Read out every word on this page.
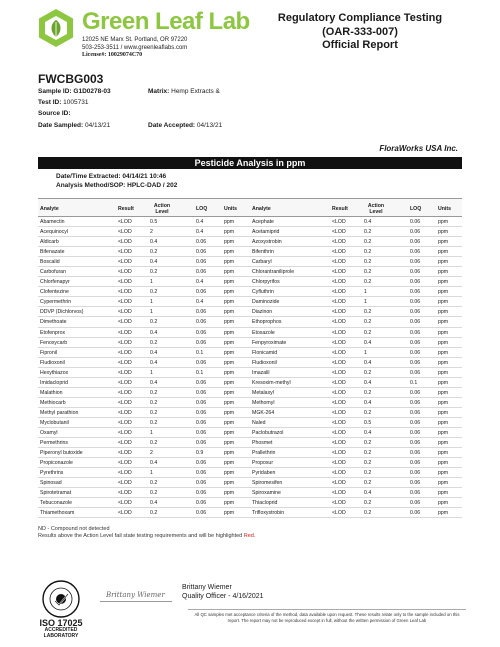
Green Leaf Lab
12025 NE Marx St. Portland, OR 97220
503-253-3511 / www.greenleaflabs.com
License#: 10029074C70
Regulatory Compliance Testing
(OAR-333-007)
Official Report
FWCBG003
Sample ID: G1D0278-03	Matrix: Hemp Extracts &
Test ID: 1005731
Source ID:
Date Sampled: 04/13/21	Date Accepted: 04/13/21
FloraWorks USA Inc.
Pesticide Analysis in ppm
Date/Time Extracted: 04/14/21 10:46
Analysis Method/SOP: HPLC-DAD / 202
Analyte	Result	Action Level	LOQ	Units	Analyte	Result	Action Level	LOQ	Units
Abamectin	<LOD	0.5	0.4	ppm	Acephate	<LOD	0.4	0.06	ppm
Acequinocyl	<LOD	2	0.4	ppm	Acetamiprid	<LOD	0.2	0.06	ppm
Aldicarb	<LOD	0.4	0.06	ppm	Azoxystrobin	<LOD	0.2	0.06	ppm
Bifenazate	<LOD	0.2	0.06	ppm	Bifenthrin	<LOD	0.2	0.06	ppm
Boscalid	<LOD	0.4	0.06	ppm	Carbaryl	<LOD	0.2	0.06	ppm
Carbofuran	<LOD	0.2	0.06	ppm	Chlorantraniliprole	<LOD	0.2	0.06	ppm
Chlorfenapyr	<LOD	1	0.4	ppm	Chlorpyrifos	<LOD	0.2	0.06	ppm
Clofentezine	<LOD	0.2	0.06	ppm	Cyfluthrin	<LOD	1	0.06	ppm
Cypermethrin	<LOD	1	0.4	ppm	Daminozide	<LOD	1	0.06	ppm
DDVP (Dichlorvos)	<LOD	1	0.06	ppm	Diazinon	<LOD	0.2	0.06	ppm
Dimethoate	<LOD	0.2	0.06	ppm	Ethoprophos	<LOD	0.2	0.06	ppm
Etofenprox	<LOD	0.4	0.06	ppm	Etoxazole	<LOD	0.2	0.06	ppm
Fenoxycarb	<LOD	0.2	0.06	ppm	Fenpyroximate	<LOD	0.4	0.06	ppm
Fipronil	<LOD	0.4	0.1	ppm	Flonicamid	<LOD	1	0.06	ppm
Fludioxonil	<LOD	0.4	0.06	ppm	Fludioxonil	<LOD	0.4	0.06	ppm
Hexythiazox	<LOD	1	0.1	ppm	Imazalil	<LOD	0.2	0.06	ppm
Imidacloprid	<LOD	0.4	0.06	ppm	Kresoxim-methyl	<LOD	0.4	0.1	ppm
Malathion	<LOD	0.2	0.06	ppm	Metalaxyl	<LOD	0.2	0.06	ppm
Methiocarb	<LOD	0.2	0.06	ppm	Methomyl	<LOD	0.4	0.06	ppm
Methyl parathion	<LOD	0.2	0.06	ppm	MGK-264	<LOD	0.2	0.06	ppm
Myclobutanil	<LOD	0.2	0.06	ppm	Naled	<LOD	0.5	0.06	ppm
Oxamyl	<LOD	1	0.06	ppm	Paclobutrazol	<LOD	0.4	0.06	ppm
Permethrins	<LOD	0.2	0.06	ppm	Phosmet	<LOD	0.2	0.06	ppm
Piperonyl butoxide	<LOD	2	0.9	ppm	Prallethrin	<LOD	0.2	0.06	ppm
Propiconazole	<LOD	0.4	0.06	ppm	Propoxur	<LOD	0.2	0.06	ppm
Pyrethrins	<LOD	1	0.06	ppm	Pyridaben	<LOD	0.2	0.06	ppm
Spinosad	<LOD	0.2	0.06	ppm	Spiromesifen	<LOD	0.2	0.06	ppm
Spirotetramat	<LOD	0.2	0.06	ppm	Spiroxamine	<LOD	0.4	0.06	ppm
Tebuconazole	<LOD	0.4	0.06	ppm	Thiacloprid	<LOD	0.2	0.06	ppm
Thiamethoxam	<LOD	0.2	0.06	ppm	Trifloxystrobin	<LOD	0.2	0.06	ppm
ND - Compound not detected
Results above the Action Level fail state testing requirements and will be highlighted Red.
ISO 17025
ACCREDITED
LABORATORY
Brittany Wiemer
Brittany Wiemer
Quality Officer - 4/16/2021
All QC samples met acceptance criteria of the method, data available upon request. These results relate only to the sample included on this report. The report may not be reproduced except in full, without the written permission of Green Leaf Lab
